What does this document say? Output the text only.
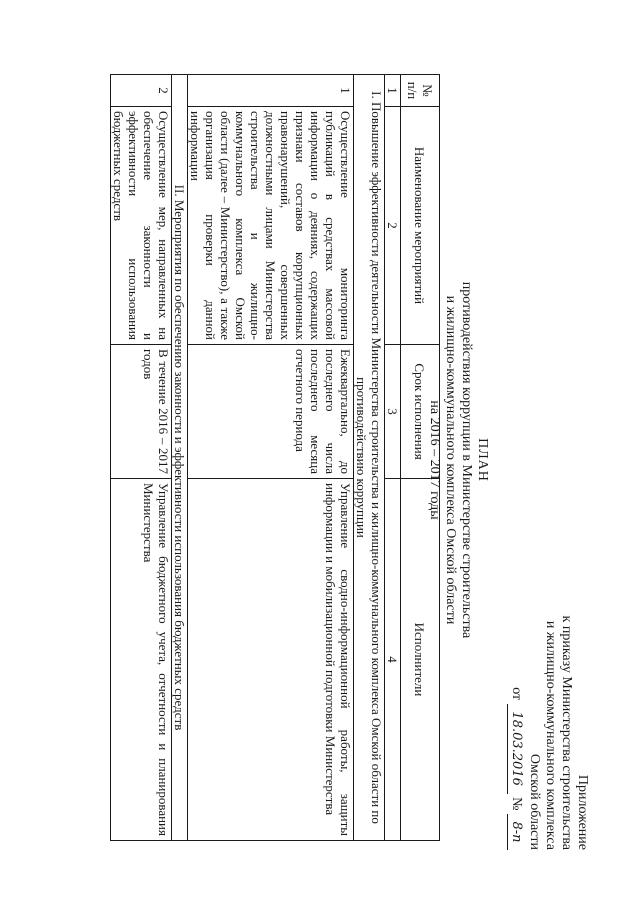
Приложение
к приказу Министерства строительства
и жилищно-коммунального комплекса
Омской области
от 18.03.2016 № 8-п
ПЛАН
противодействия коррупции в Министерстве строительства
и жилищно-коммунального комплекса Омской области
на 2016 – 2017 годы
№ п/п	Наименование мероприятий	Срок исполнения	Исполнители
1	2	3	4
I. Повышение эффективности деятельности Министерства строительства и жилищно-коммунального комплекса Омской области по противодействию коррупции			
1	Осуществление мониторинга публикаций в средствах массовой информации о деяниях, содержащих признаки составов коррупционных правонарушений, совершенных должностными лицами Министерства строительства и жилищно-коммунального комплекса Омской области (далее – Министерство), а также организация проверки данной информации	Ежеквартально, до последнего числа последнего месяца отчетного периода	Управление сводно-информационной работы, защиты информации и мобилизационной подготовки Министерства
II. Мероприятия по обеспечению законности и эффективности использования бюджетных средств			
2	Осуществление мер, направленных на обеспечение законности и эффективности использования бюджетных средств	В течение 2016 – 2017 годов	Управление бюджетного учета, отчетности и планирования Министерства
